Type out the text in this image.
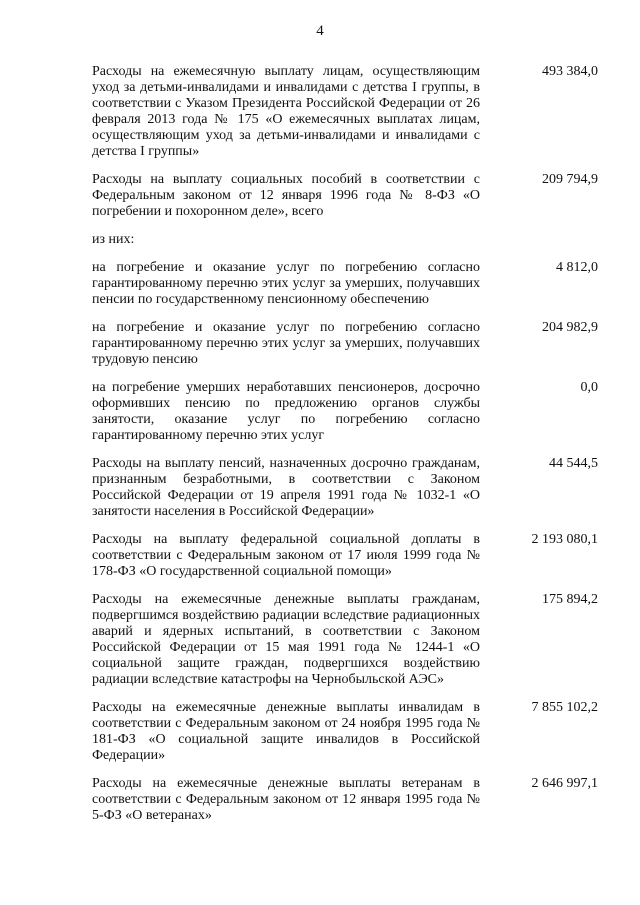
4
Расходы на ежемесячную выплату лицам, осуществляющим уход за детьми-инвалидами и инвалидами с детства I группы, в соответствии с Указом Президента Российской Федерации от 26 февраля 2013 года № 175 «О ежемесячных выплатах лицам, осуществляющим уход за детьми-инвалидами и инвалидами с детства I группы»
493 384,0
Расходы на выплату социальных пособий в соответствии с Федеральным законом от 12 января 1996 года № 8-ФЗ «О погребении и похоронном деле», всего
209 794,9
из них:
на погребение и оказание услуг по погребению согласно гарантированному перечню этих услуг за умерших, получавших пенсии по государственному пенсионному обеспечению
4 812,0
на погребение и оказание услуг по погребению согласно гарантированному перечню этих услуг за умерших, получавших трудовую пенсию
204 982,9
на погребение умерших неработавших пенсионеров, досрочно оформивших пенсию по предложению органов службы занятости, оказание услуг по погребению согласно гарантированному перечню этих услуг
0,0
Расходы на выплату пенсий, назначенных досрочно гражданам, признанным безработными, в соответствии с Законом Российской Федерации от 19 апреля 1991 года № 1032-1 «О занятости населения в Российской Федерации»
44 544,5
Расходы на выплату федеральной социальной доплаты в соответствии с Федеральным законом от 17 июля 1999 года № 178-ФЗ «О государственной социальной помощи»
2 193 080,1
Расходы на ежемесячные денежные выплаты гражданам, подвергшимся воздействию радиации вследствие радиационных аварий и ядерных испытаний, в соответствии с Законом Российской Федерации от 15 мая 1991 года № 1244-1 «О социальной защите граждан, подвергшихся воздействию радиации вследствие катастрофы на Чернобыльской АЭС»
175 894,2
Расходы на ежемесячные денежные выплаты инвалидам в соответствии с Федеральным законом от 24 ноября 1995 года № 181-ФЗ «О социальной защите инвалидов в Российской Федерации»
7 855 102,2
Расходы на ежемесячные денежные выплаты ветеранам в соответствии с Федеральным законом от 12 января 1995 года № 5-ФЗ «О ветеранах»
2 646 997,1
